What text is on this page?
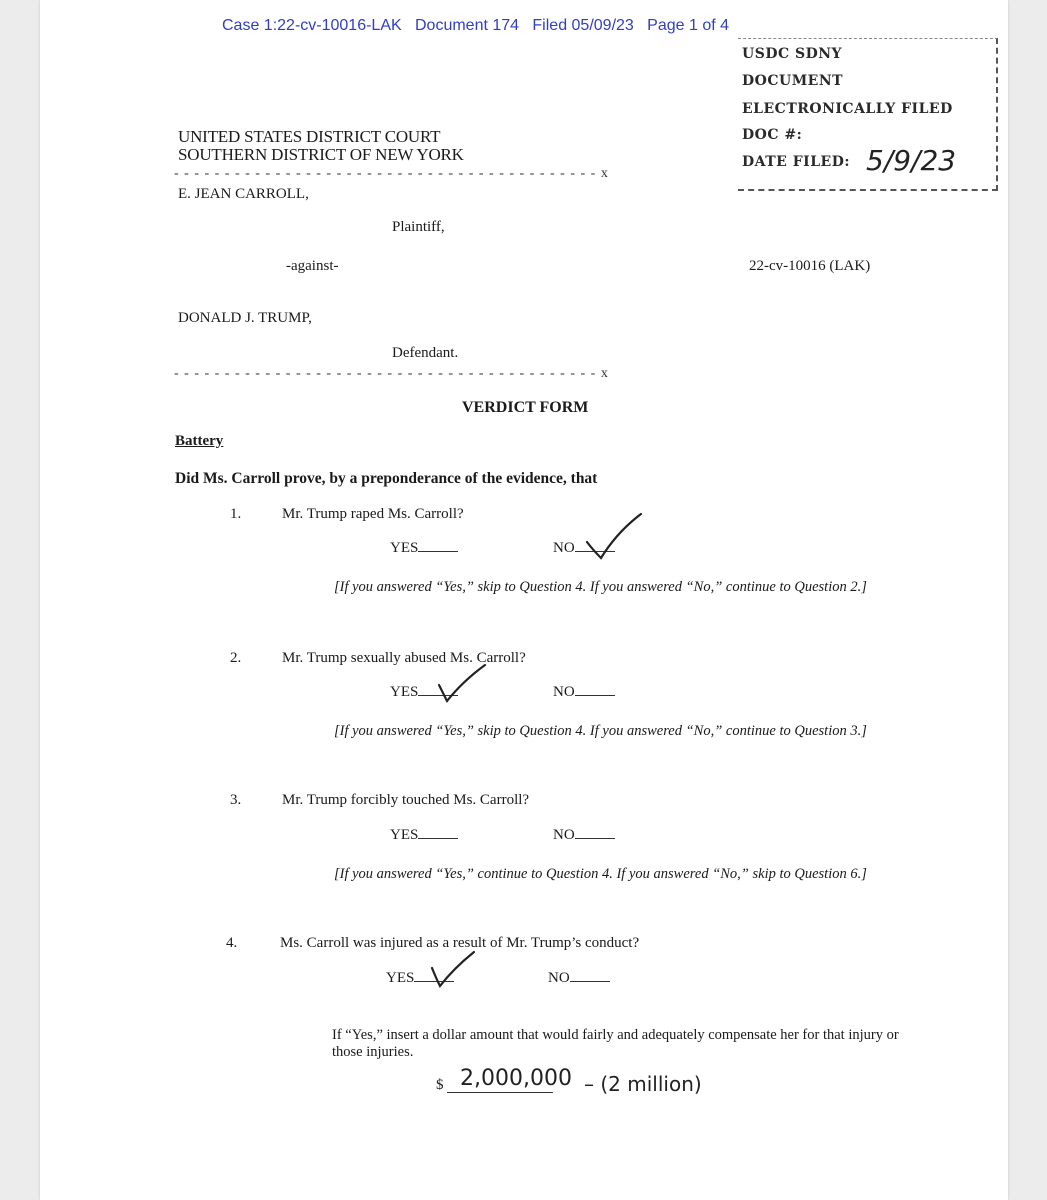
Case 1:22-cv-10016-LAK Document 174 Filed 05/09/23 Page 1 of 4
USDC SDNY
DOCUMENT
ELECTRONICALLY FILED
DOC #:
DATE FILED: 5/9/23
UNITED STATES DISTRICT COURT
SOUTHERN DISTRICT OF NEW YORK
- - - - - - - - - - - - - - - - - - - - - - - - - - - - - - - - - - - - - - - - - - x
E. JEAN CARROLL,
Plaintiff,
-against-	22-cv-10016 (LAK)
DONALD J. TRUMP,
Defendant.
- - - - - - - - - - - - - - - - - - - - - - - - - - - - - - - - - - - - - - - - - - x
VERDICT FORM
Battery
Did Ms. Carroll prove, by a preponderance of the evidence, that
1.	Mr. Trump raped Ms. Carroll?
YES	NO
[If you answered “Yes,” skip to Question 4. If you answered “No,” continue to Question 2.]
2.	Mr. Trump sexually abused Ms. Carroll?
YES	NO
[If you answered “Yes,” skip to Question 4. If you answered “No,” continue to Question 3.]
3.	Mr. Trump forcibly touched Ms. Carroll?
YES	NO
[If you answered “Yes,” continue to Question 4. If you answered “No,” skip to Question 6.]
4.	Ms. Carroll was injured as a result of Mr. Trump’s conduct?
YES	NO
If “Yes,” insert a dollar amount that would fairly and adequately compensate her for that injury or those injuries.
$ 2,000,000 – (2 million)
